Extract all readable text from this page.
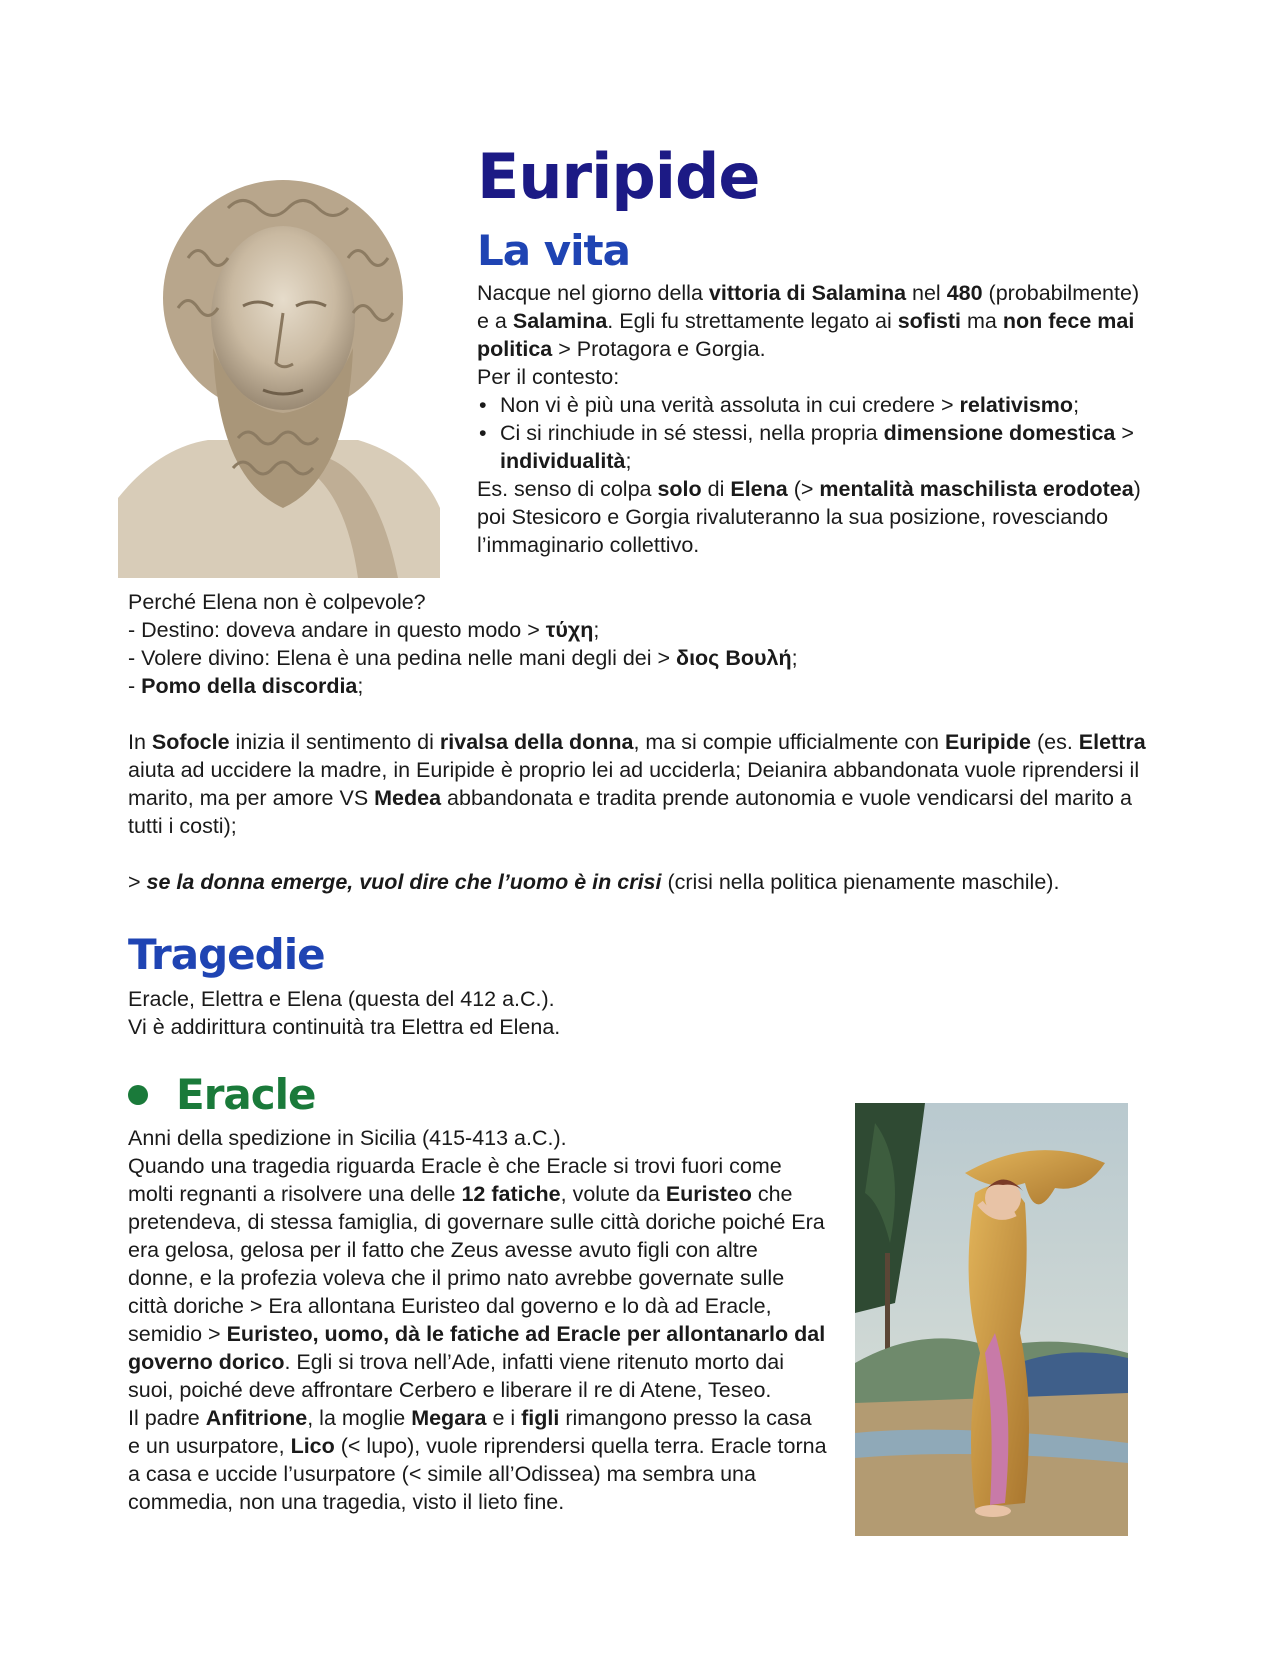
Euripide
La vita

Nacque nel giorno della vittoria di Salamina nel 480 (probabilmente) e a Salamina. Egli fu strettamente legato ai sofisti ma non fece mai politica > Protagora e Gorgia.

Per il contesto:

• Non vi è più una verità assoluta in cui credere > relativismo;
• Ci si rinchiude in sé stessi, nella propria dimensione domestica > individualità;

Es. senso di colpa solo di Elena (> mentalità maschilista erodotea) poi Stesicoro e Gorgia rivaluteranno la sua posizione, rovesciando l’immaginario collettivo.

Perché Elena non è colpevole?

- Destino: doveva andare in questo modo > τύχη;

- Volere divino: Elena è una pedina nelle mani degli dei > διος Βουλή;

- Pomo della discordia;

In Sofocle inizia il sentimento di rivalsa della donna, ma si compie ufficialmente con Euripide (es. Elettra aiuta ad uccidere la madre, in Euripide è proprio lei ad ucciderla; Deianira abbandonata vuole riprendersi il marito, ma per amore VS Medea abbandonata e tradita prende autonomia e vuole vendicarsi del marito a tutti i costi);

> se la donna emerge, vuol dire che l’uomo è in crisi (crisi nella politica pienamente maschile).

Tragedie

Eracle, Elettra e Elena (questa del 412 a.C.).

Vi è addirittura continuità tra Elettra ed Elena.

Eracle

Anni della spedizione in Sicilia (415-413 a.C.).

Quando una tragedia riguarda Eracle è che Eracle si trovi fuori come molti regnanti a risolvere una delle 12 fatiche, volute da Euristeo che pretendeva, di stessa famiglia, di governare sulle città doriche poiché Era era gelosa, gelosa per il fatto che Zeus avesse avuto figli con altre donne, e la profezia voleva che il primo nato avrebbe governate sulle città doriche > Era allontana Euristeo dal governo e lo dà ad Eracle, semidio > Euristeo, uomo, dà le fatiche ad Eracle per allontanarlo dal governo dorico. Egli si trova nell’Ade, infatti viene ritenuto morto dai suoi, poiché deve affrontare Cerbero e liberare il re di Atene, Teseo.

Il padre Anfitrione, la moglie Megara e i figli rimangono presso la casa e un usurpatore, Lico (< lupo), vuole riprendersi quella terra. Eracle torna a casa e uccide l’usurpatore (< simile all’Odissea) ma sembra una commedia, non una tragedia, visto il lieto fine.
